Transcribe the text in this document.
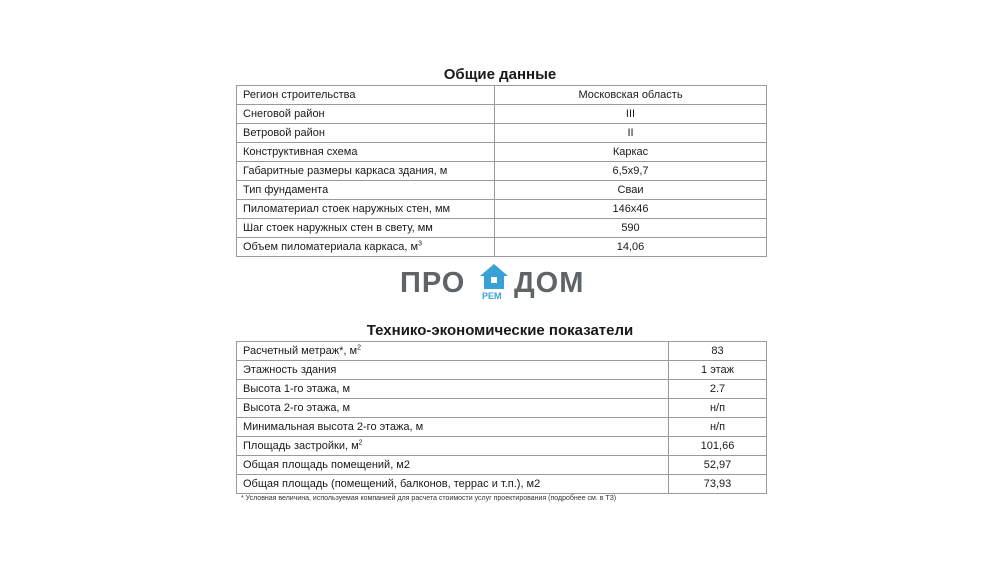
Общие данные
Регион строительства	Московская область
Снеговой район	III
Ветровой район	II
Конструктивная схема	Каркас
Габаритные размеры каркаса здания, м	6,5х9,7
Тип фундамента	Сваи
Пиломатериал стоек наружных стен, мм	146х46
Шаг стоек наружных стен в свету, мм	590
Объем пиломатериала каркаса, $м^3$	14,06
ПРО РЕМ ДОМ
Технико-экономические показатели
Расчетный метраж*, $м^2$	83
Этажность здания	1 этаж
Высота 1-го этажа, м	2.7
Высота 2-го этажа, м	н/п
Минимальная высота 2-го этажа, м	н/п
Площадь застройки, $м^2$	101,66
Общая площадь помещений, м2	52,97
Общая площадь (помещений, балконов, террас и т.п.), м2	73,93
* Условная величина, используемая компанией для расчета стоимости услуг проектирования (подробнее см. в ТЗ)
